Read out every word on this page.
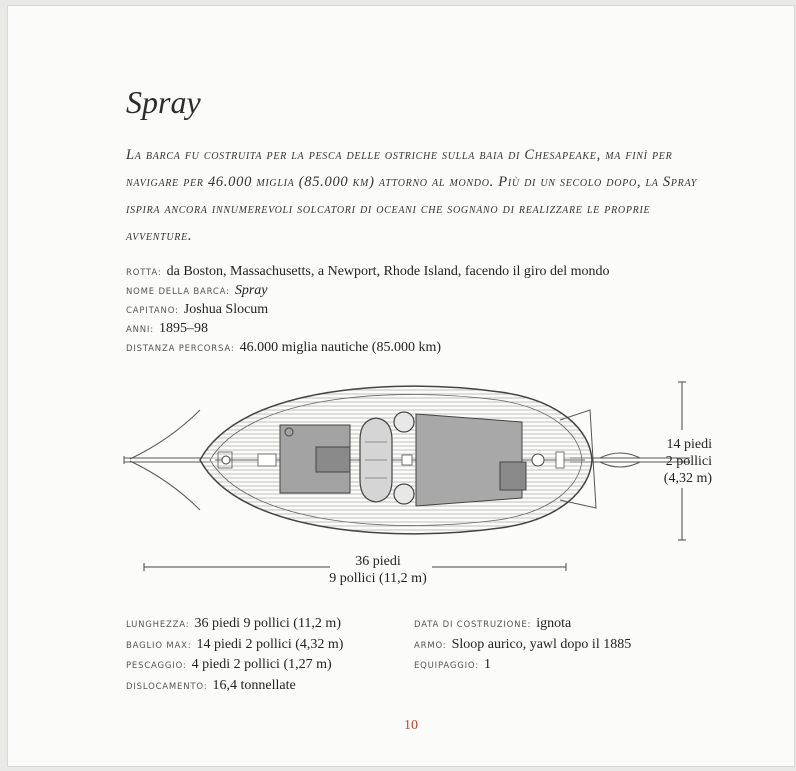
Spray

La barca fu costruita per la pesca delle ostriche sulla baia di Chesapeake, ma finì per navigare per 46.000 miglia (85.000 km) attorno al mondo. Più di un secolo dopo, la Spray ispira ancora innumerevoli solcatori di oceani che sognano di realizzare le proprie avventure.

ROTTA: da Boston, Massachusetts, a Newport, Rhode Island, facendo il giro del mondo
NOME DELLA BARCA: Spray
CAPITANO: Joshua Slocum
ANNI: 1895–98
DISTANZA PERCORSA: 46.000 miglia nautiche (85.000 km)
14 piedi
2 pollici
(4,32 m)
36 piedi
9 pollici (11,2 m)
LUNGHEZZA: 36 piedi 9 pollici (11,2 m)
BAGLIO MAX: 14 piedi 2 pollici (4,32 m)
PESCAGGIO: 4 piedi 2 pollici (1,27 m)
DISLOCAMENTO: 16,4 tonnellate
DATA DI COSTRUZIONE: ignota
ARMO: Sloop aurico, yawl dopo il 1885
EQUIPAGGIO: 1
10
